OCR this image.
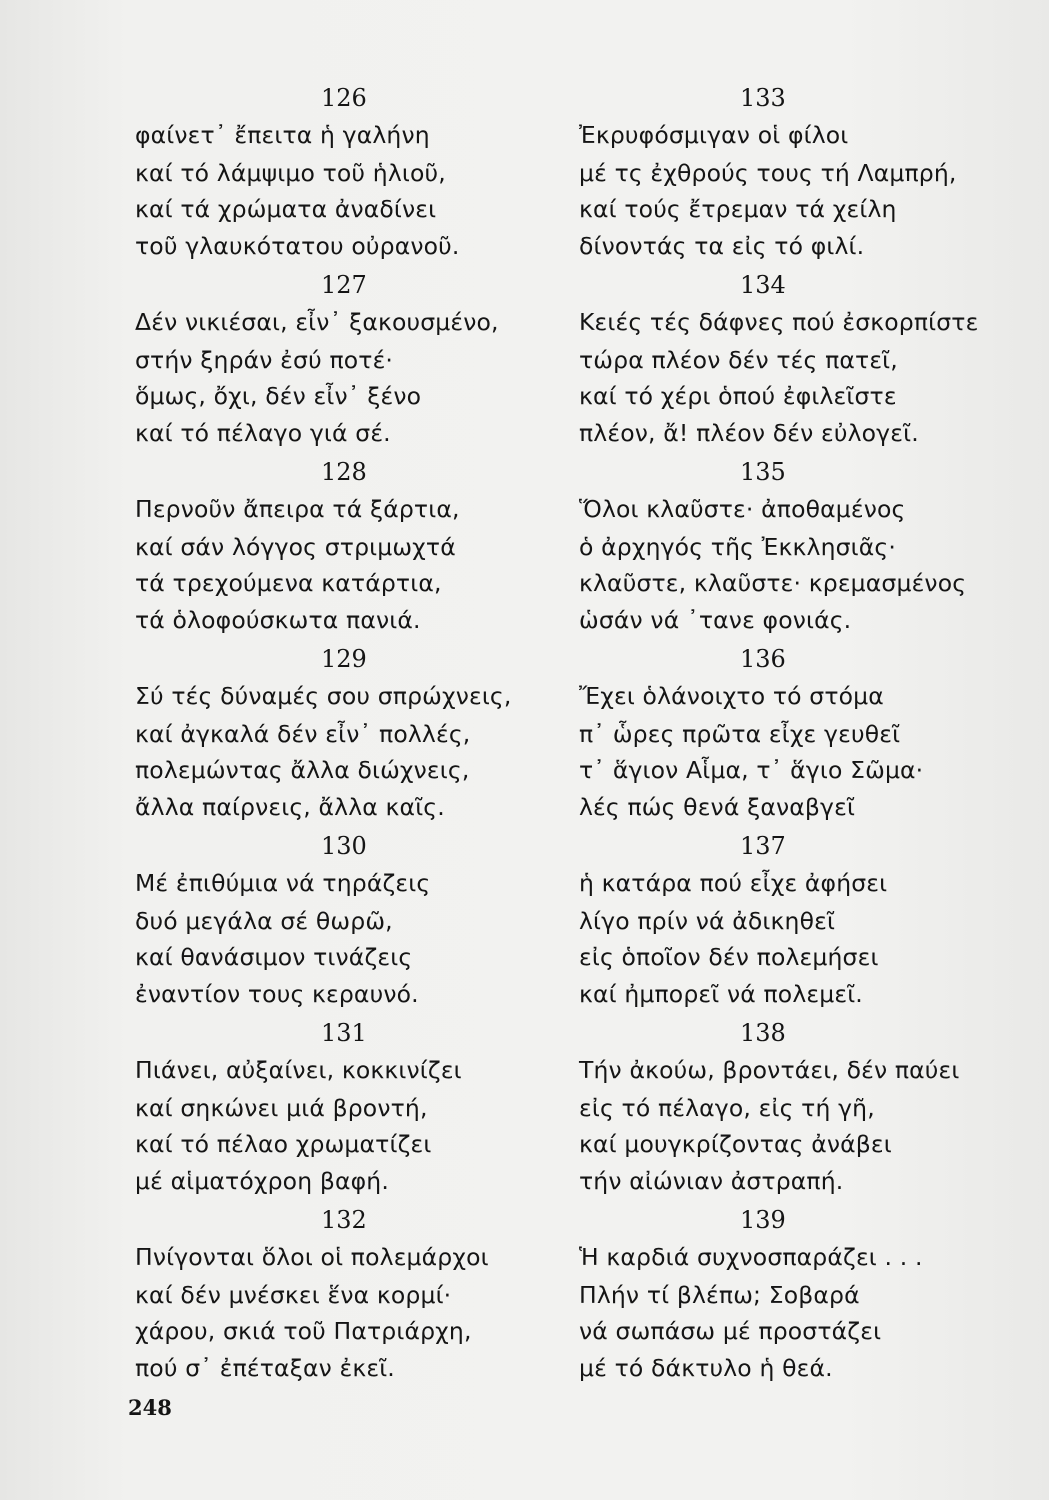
126
φαίνετ᾽ ἔπειτα ἡ γαλήνη
καί τό λάμψιμο τοῦ ἡλιοῦ,
καί τά χρώματα ἀναδίνει
τοῦ γλαυκότατου οὐρανοῦ.
127
Δέν νικιέσαι, εἶν᾽ ξακουσμένο,
στήν ξηράν ἐσύ ποτέ·
ὅμως, ὄχι, δέν εἶν᾽ ξένο
καί τό πέλαγο γιά σέ.
128
Περνοῦν ἄπειρα τά ξάρτια,
καί σάν λόγγος στριμωχτά
τά τρεχούμενα κατάρτια,
τά ὁλοφούσκωτα πανιά.
129
Σύ τές δύναμές σου σπρώχνεις,
καί ἀγκαλά δέν εἶν᾽ πολλές,
πολεμώντας ἄλλα διώχνεις,
ἄλλα παίρνεις, ἄλλα καῖς.
130
Μέ ἐπιθύμια νά τηράζεις
δυό μεγάλα σέ θωρῶ,
καί θανάσιμον τινάζεις
ἐναντίον τους κεραυνό.
131
Πιάνει, αὐξαίνει, κοκκινίζει
καί σηκώνει μιά βροντή,
καί τό πέλαο χρωματίζει
μέ αἱματόχροη βαφή.
132
Πνίγονται ὅλοι οἱ πολεμάρχοι
καί δέν μνέσκει ἕνα κορμί·
χάρου, σκιά τοῦ Πατριάρχη,
πού σ᾽ ἐπέταξαν ἐκεῖ.
133
Ἐκρυφόσμιγαν οἱ φίλοι
μέ τς ἐχθρούς τους τή Λαμπρή,
καί τούς ἔτρεμαν τά χείλη
δίνοντάς τα εἰς τό φιλί.
134
Κειές τές δάφνες πού ἐσκορπίστε
τώρα πλέον δέν τές πατεῖ,
καί τό χέρι ὁπού ἐφιλεῖστε
πλέον, ἄ! πλέον δέν εὐλογεῖ.
135
Ὅλοι κλαῦστε· ἀποθαμένος
ὁ ἀρχηγός τῆς Ἐκκλησιᾶς·
κλαῦστε, κλαῦστε· κρεμασμένος
ὡσάν νά ᾽τανε φονιάς.
136
Ἔχει ὁλάνοιχτο τό στόμα
π᾽ ὧρες πρῶτα εἶχε γευθεῖ
τ᾽ ἅγιον Αἷμα, τ᾽ ἅγιο Σῶμα·
λές πώς θενά ξαναβγεῖ
137
ἡ κατάρα πού εἶχε ἀφήσει
λίγο πρίν νά ἀδικηθεῖ
εἰς ὁποῖον δέν πολεμήσει
καί ἠμπορεῖ νά πολεμεῖ.
138
Τήν ἀκούω, βροντάει, δέν παύει
εἰς τό πέλαγο, εἰς τή γῆ,
καί μουγκρίζοντας ἀνάβει
τήν αἰώνιαν ἀστραπή.
139
Ἡ καρδιά συχνοσπαράζει . . .
Πλήν τί βλέπω; Σοβαρά
νά σωπάσω μέ προστάζει
μέ τό δάκτυλο ἡ θεά.
248
